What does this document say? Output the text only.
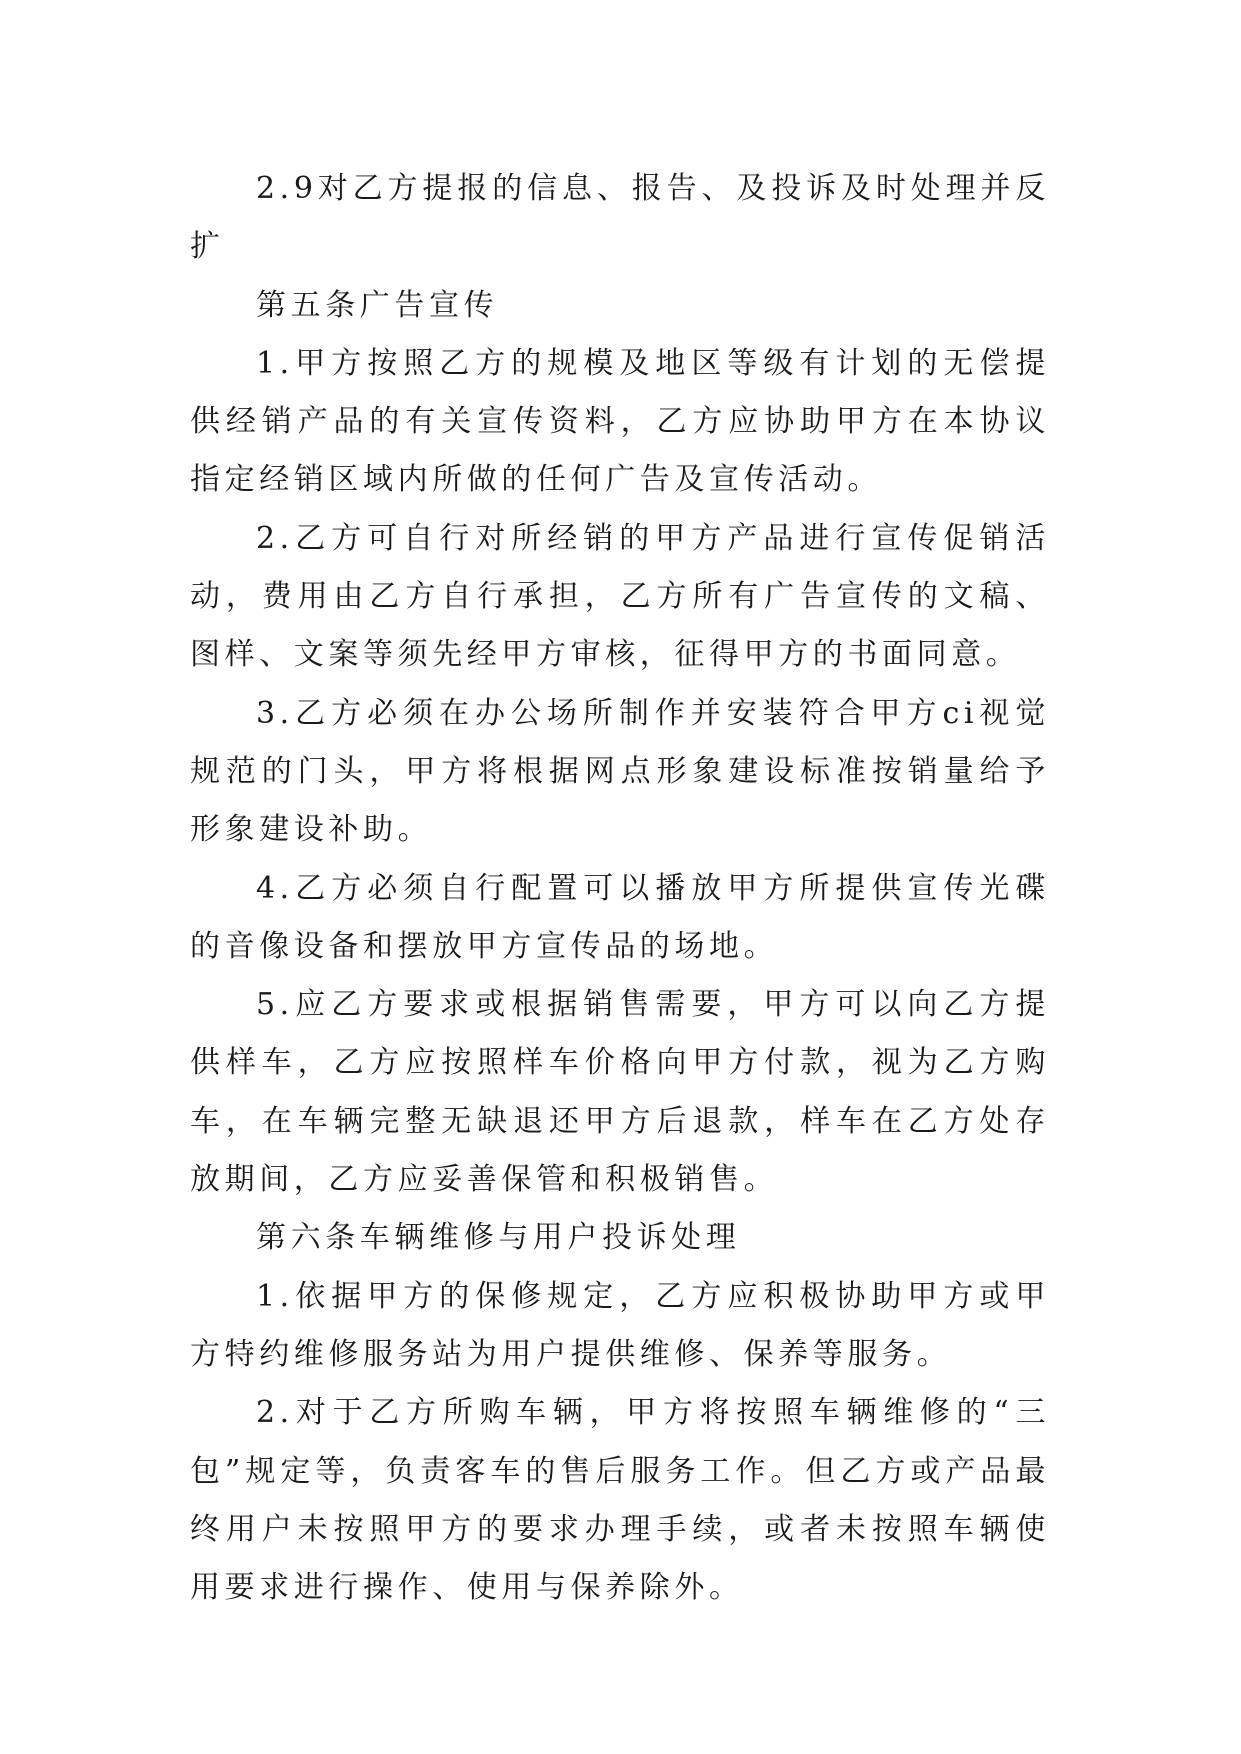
2.9对乙方提报的信息、报告、及投诉及时处理并反扩

第五条广告宣传

1.甲方按照乙方的规模及地区等级有计划的无偿提供经销产品的有关宣传资料，乙方应协助甲方在本协议指定经销区域内所做的任何广告及宣传活动。

2.乙方可自行对所经销的甲方产品进行宣传促销活动，费用由乙方自行承担，乙方所有广告宣传的文稿、图样、文案等须先经甲方审核，征得甲方的书面同意。

3.乙方必须在办公场所制作并安装符合甲方ci视觉规范的门头，甲方将根据网点形象建设标准按销量给予形象建设补助。

4.乙方必须自行配置可以播放甲方所提供宣传光碟的音像设备和摆放甲方宣传品的场地。

5.应乙方要求或根据销售需要，甲方可以向乙方提供样车，乙方应按照样车价格向甲方付款，视为乙方购车，在车辆完整无缺退还甲方后退款，样车在乙方处存放期间，乙方应妥善保管和积极销售。

第六条车辆维修与用户投诉处理

1.依据甲方的保修规定，乙方应积极协助甲方或甲方特约维修服务站为用户提供维修、保养等服务。

2.对于乙方所购车辆，甲方将按照车辆维修的“三包”规定等，负责客车的售后服务工作。但乙方或产品最终用户未按照甲方的要求办理手续，或者未按照车辆使用要求进行操作、使用与保养除外。
